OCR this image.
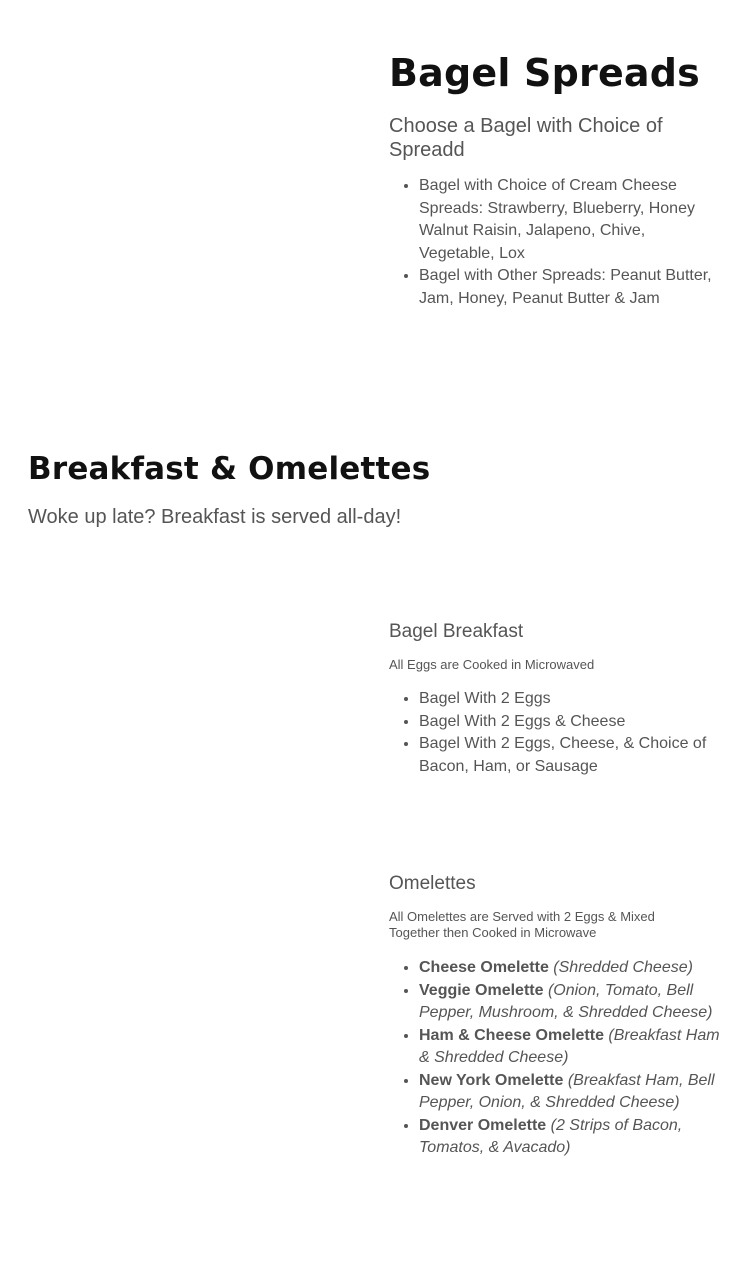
Bagel Spreads
Choose a Bagel with Choice of Spreadd
• Bagel with Choice of Cream Cheese Spreads: Strawberry, Blueberry, Honey Walnut Raisin, Jalapeno, Chive, Vegetable, Lox
• Bagel with Other Spreads: Peanut Butter, Jam, Honey, Peanut Butter & Jam
Breakfast & Omelettes
Woke up late? Breakfast is served all-day!
Bagel Breakfast

All Eggs are Cooked in Microwaved

• Bagel With 2 Eggs
• Bagel With 2 Eggs & Cheese
• Bagel With 2 Eggs, Cheese, & Choice of Bacon, Ham, or Sausage
Omelettes

All Omelettes are Served with 2 Eggs & Mixed Together then Cooked in Microwave

• Cheese Omelette (Shredded Cheese)
• Veggie Omelette (Onion, Tomato, Bell Pepper, Mushroom, & Shredded Cheese)
• Ham & Cheese Omelette (Breakfast Ham & Shredded Cheese)
• New York Omelette (Breakfast Ham, Bell Pepper, Onion, & Shredded Cheese)
• Denver Omelette (2 Strips of Bacon, Tomatos, & Avacado)
